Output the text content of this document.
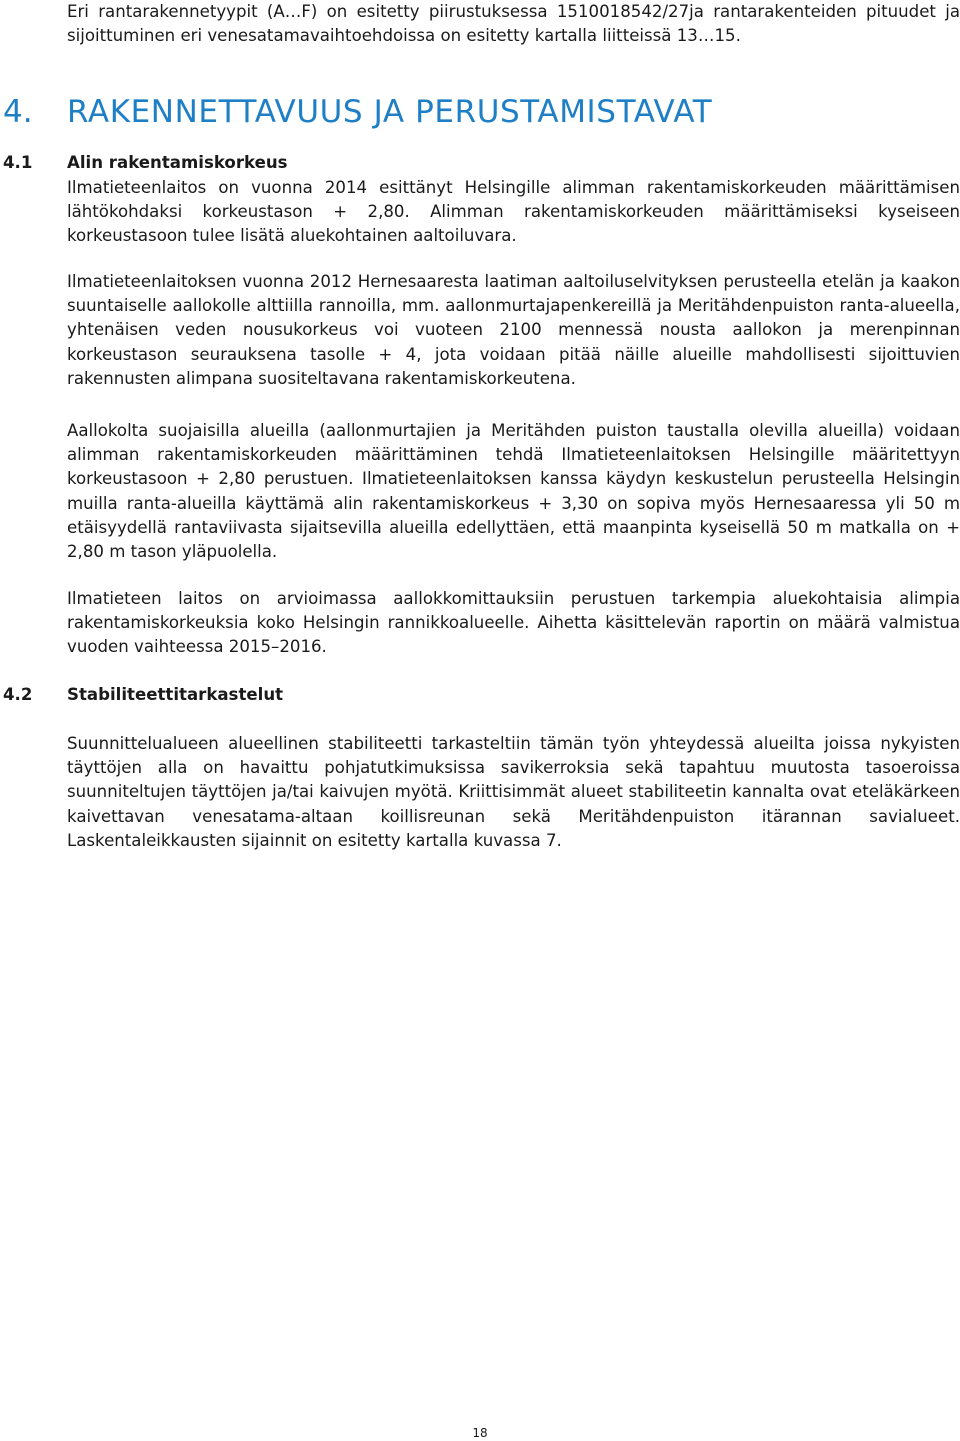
Eri rantarakennetyypit (A…F) on esitetty piirustuksessa 1510018542/27ja rantarakenteiden pituudet ja sijoittuminen eri venesatamavaihtoehdoissa on esitetty kartalla liitteissä 13…15.

4. RAKENNETTAVUUS JA PERUSTAMISTAVAT
4.1 Alin rakentamiskorkeus

Ilmatieteenlaitos on vuonna 2014 esittänyt Helsingille alimman rakentamiskorkeuden määrittämisen lähtökohdaksi korkeustason + 2,80. Alimman rakentamiskorkeuden määrittämiseksi kyseiseen korkeustasoon tulee lisätä aluekohtainen aaltoiluvara.

Ilmatieteenlaitoksen vuonna 2012 Hernesaaresta laatiman aaltoiluselvityksen perusteella etelän ja kaakon suuntaiselle aallokolle alttiilla rannoilla, mm. aallonmurtajapenkereillä ja Meritähdenpuiston ranta-alueella, yhtenäisen veden nousukorkeus voi vuoteen 2100 mennessä nousta aallokon ja merenpinnan korkeustason seurauksena tasolle + 4, jota voidaan pitää näille alueille mahdollisesti sijoittuvien rakennusten alimpana suositeltavana rakentamiskorkeutena.

Aallokolta suojaisilla alueilla (aallonmurtajien ja Meritähden puiston taustalla olevilla alueilla) voidaan alimman rakentamiskorkeuden määrittäminen tehdä Ilmatieteenlaitoksen Helsingille määritettyyn korkeustasoon + 2,80 perustuen. Ilmatieteenlaitoksen kanssa käydyn keskustelun perusteella Helsingin muilla ranta-alueilla käyttämä alin rakentamiskorkeus + 3,30 on sopiva myös Hernesaaressa yli 50 m etäisyydellä rantaviivasta sijaitsevilla alueilla edellyttäen, että maanpinta kyseisellä 50 m matkalla on + 2,80 m tason yläpuolella.

Ilmatieteen laitos on arvioimassa aallokkomittauksiin perustuen tarkempia aluekohtaisia alimpia rakentamiskorkeuksia koko Helsingin rannikkoalueelle. Aihetta käsittelevän raportin on määrä valmistua vuoden vaihteessa 2015–2016.

4.2 Stabiliteettitarkastelut

Suunnittelualueen alueellinen stabiliteetti tarkasteltiin tämän työn yhteydessä alueilta joissa nykyisten täyttöjen alla on havaittu pohjatutkimuksissa savikerroksia sekä tapahtuu muutosta tasoeroissa suunniteltujen täyttöjen ja/tai kaivujen myötä. Kriittisimmät alueet stabiliteetin kannalta ovat eteläkärkeen kaivettavan venesatama-altaan koillisreunan sekä Meritähdenpuiston itärannan savialueet. Laskentaleikkausten sijainnit on esitetty kartalla kuvassa 7.

18
